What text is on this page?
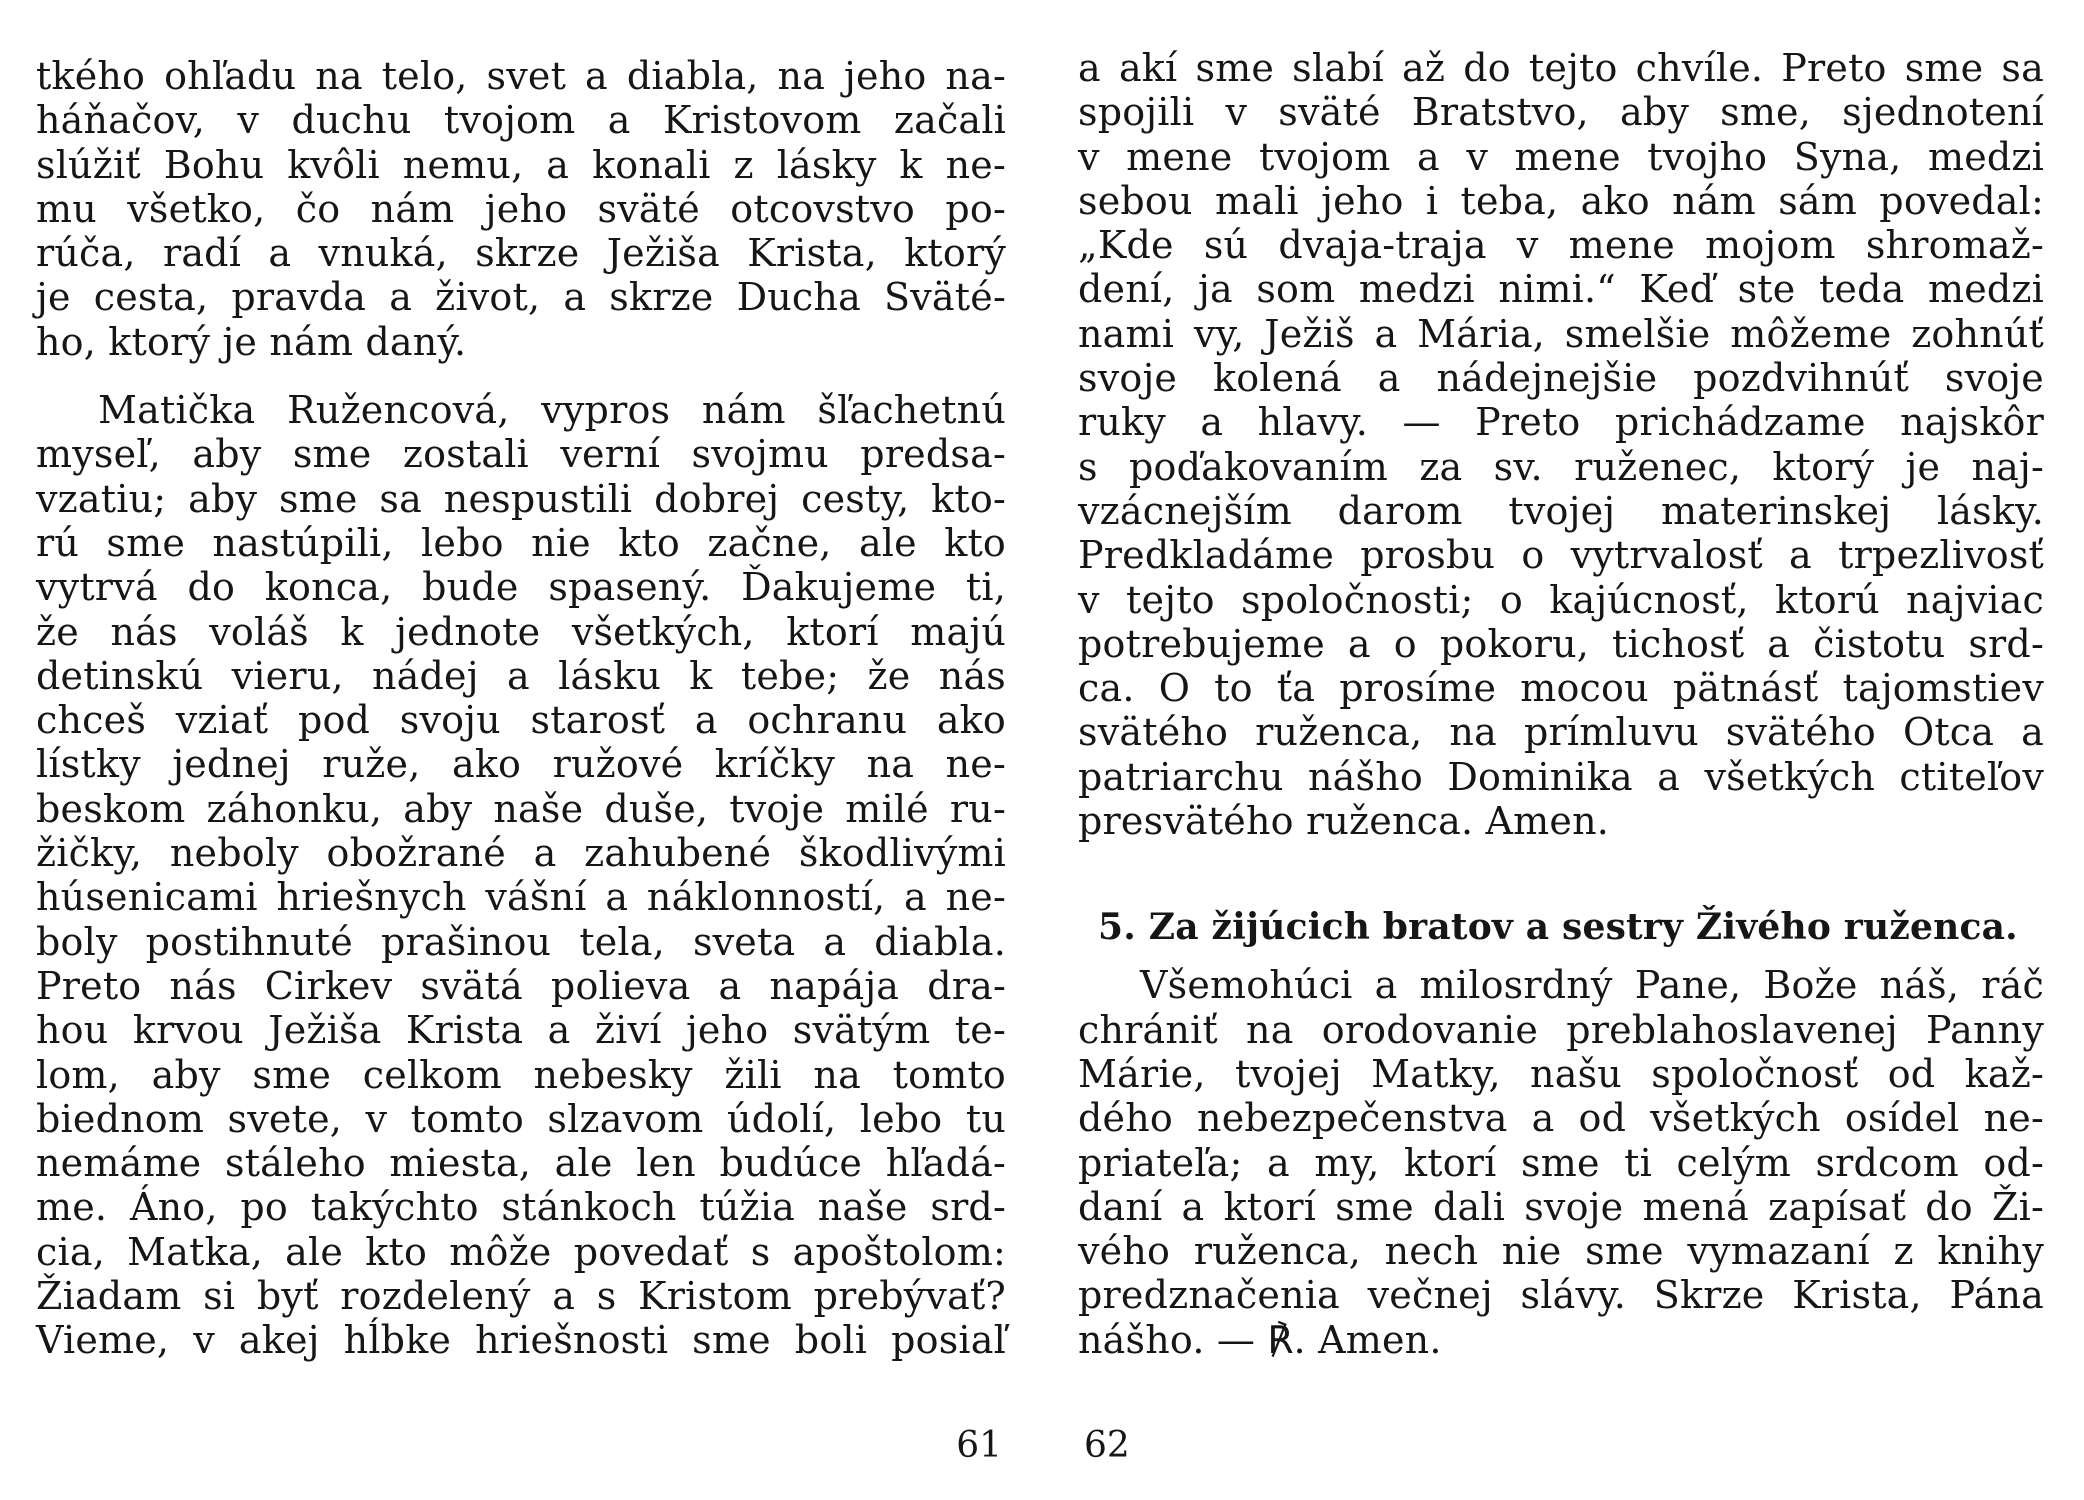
tkého ohľadu na telo, svet a diabla, na jeho na-
háňačov, v duchu tvojom a Kristovom začali
slúžiť Bohu kvôli nemu, a konali z lásky k ne-
mu všetko, čo nám jeho sväté otcovstvo po-
rúča, radí a vnuká, skrze Ježiša Krista, ktorý
je cesta, pravda a život, a skrze Ducha Sväté-
ho, ktorý je nám daný.
Matička Ružencová, vypros nám šľachetnú
myseľ, aby sme zostali verní svojmu predsa-
vzatiu; aby sme sa nespustili dobrej cesty, kto-
rú sme nastúpili, lebo nie kto začne, ale kto
vytrvá do konca, bude spasený. Ďakujeme ti,
že nás voláš k jednote všetkých, ktorí majú
detinskú vieru, nádej a lásku k tebe; že nás
chceš vziať pod svoju starosť a ochranu ako
lístky jednej ruže, ako ružové kríčky na ne-
beskom záhonku, aby naše duše, tvoje milé ru-
žičky, neboly obožrané a zahubené škodlivými
húsenicami hriešnych vášní a náklonností, a ne-
boly postihnuté prašinou tela, sveta a diabla.
Preto nás Cirkev svätá polieva a napája dra-
hou krvou Ježiša Krista a živí jeho svätým te-
lom, aby sme celkom nebesky žili na tomto
biednom svete, v tomto slzavom údolí, lebo tu
nemáme stáleho miesta, ale len budúce hľadá-
me. Áno, po takýchto stánkoch túžia naše srd-
cia, Matka, ale kto môže povedať s apoštolom:
Žiadam si byť rozdelený a s Kristom prebývať?
Vieme, v akej hĺbke hriešnosti sme boli posiaľ
61
a akí sme slabí až do tejto chvíle. Preto sme sa
spojili v sväté Bratstvo, aby sme, sjednotení
v mene tvojom a v mene tvojho Syna, medzi
sebou mali jeho i teba, ako nám sám povedal:
„Kde sú dvaja-traja v mene mojom shromaž-
dení, ja som medzi nimi.“ Keď ste teda medzi
nami vy, Ježiš a Mária, smelšie môžeme zohnúť
svoje kolená a nádejnejšie pozdvihnúť svoje
ruky a hlavy. — Preto prichádzame najskôr
s poďakovaním za sv. ruženec, ktorý je naj-
vzácnejším darom tvojej materinskej lásky.
Predkladáme prosbu o vytrvalosť a trpezlivosť
v tejto spoločnosti; o kajúcnosť, ktorú najviac
potrebujeme a o pokoru, tichosť a čistotu srd-
ca. O to ťa prosíme mocou pätnásť tajomstiev
svätého ruženca, na prímluvu svätého Otca a
patriarchu nášho Dominika a všetkých ctiteľov
presvätého ruženca. Amen.
5. Za žijúcich bratov a sestry Živého ruženca.
Všemohúci a milosrdný Pane, Bože náš, ráč
chrániť na orodovanie preblahoslavenej Panny
Márie, tvojej Matky, našu spoločnosť od kaž-
dého nebezpečenstva a od všetkých osídel ne-
priateľa; a my, ktorí sme ti celým srdcom od-
daní a ktorí sme dali svoje mená zapísať do Ži-
vého ruženca, nech nie sme vymazaní z knihy
predznačenia večnej slávy. Skrze Krista, Pána
nášho. — ℟. Amen.
62
